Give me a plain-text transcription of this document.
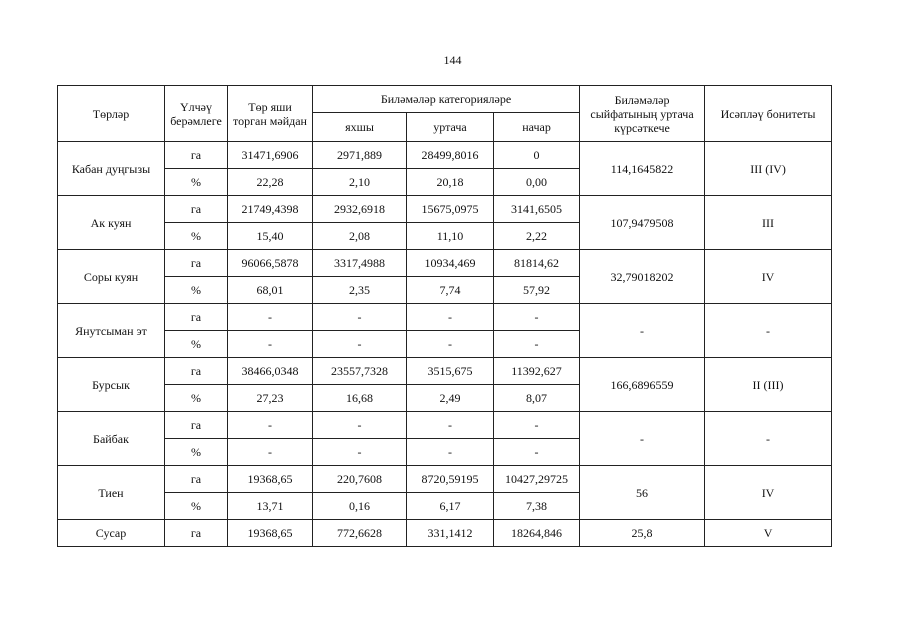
144
Төрләр	Үлчәү берәмлеге	Төр яши торган мәйдан	Биләмәләр категорияләре			Биләмәләр сыйфатының уртача күрсәткече	Исәпләү бонитеты
			яхшы	уртача	начар		
Кабан дуңгызы	га	31471,6906	2971,889	28499,8016	0	114,1645822	III (IV)
	%	22,28	2,10	20,18	0,00		
Ак куян	га	21749,4398	2932,6918	15675,0975	3141,6505	107,9479508	III
	%	15,40	2,08	11,10	2,22		
Соры куян	га	96066,5878	3317,4988	10934,469	81814,62	32,79018202	IV
	%	68,01	2,35	7,74	57,92		
Янутсыман эт	га	-	-	-	-	-	-
	%	-	-	-	-		
Бурсык	га	38466,0348	23557,7328	3515,675	11392,627	166,6896559	II (III)
	%	27,23	16,68	2,49	8,07		
Байбак	га	-	-	-	-	-	-
	%	-	-	-	-		
Тиен	га	19368,65	220,7608	8720,59195	10427,29725	56	IV
	%	13,71	0,16	6,17	7,38		
Сусар	га	19368,65	772,6628	331,1412	18264,846	25,8	V
